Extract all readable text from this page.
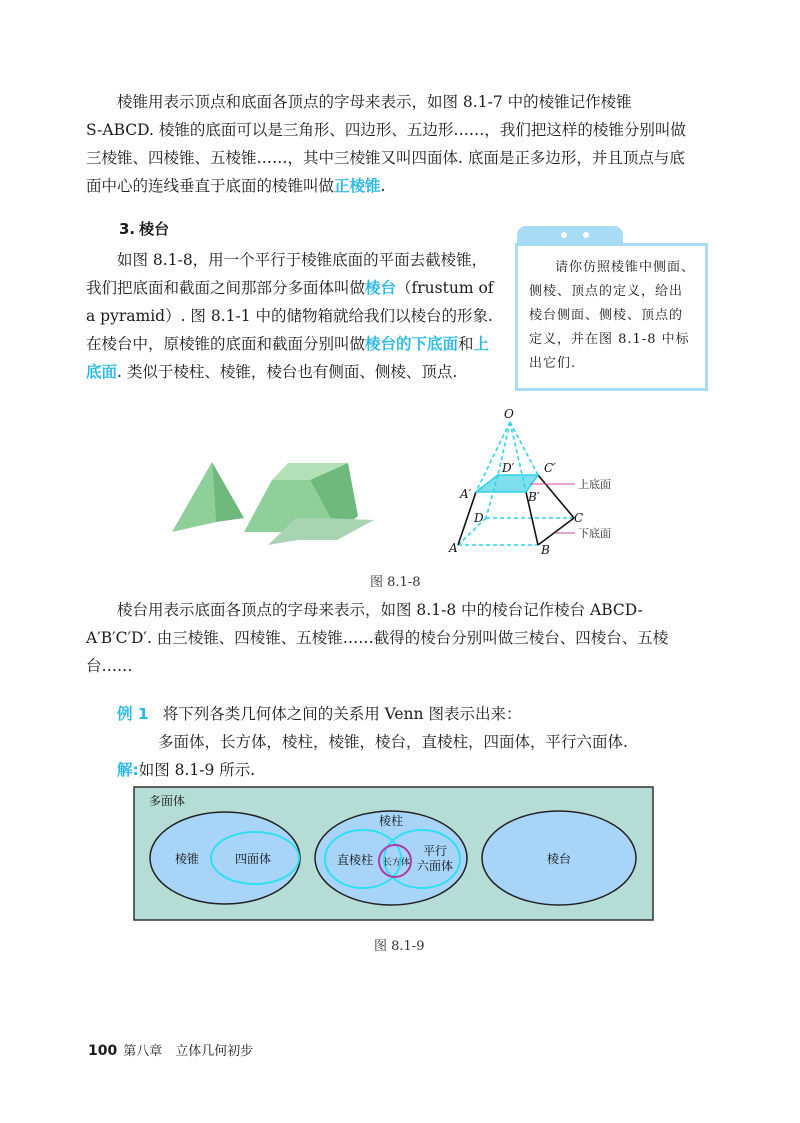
棱锥用表示顶点和底面各顶点的字母来表示，如图 8.1-7 中的棱锥记作棱锥

S-ABCD. 棱锥的底面可以是三角形、四边形、五边形……，我们把这样的棱锥分别叫做
三棱锥、四棱锥、五棱锥……，其中三棱锥又叫四面体. 底面是正多边形，并且顶点与底
面中心的连线垂直于底面的棱锥叫做正棱锥.
3. 棱台

如图 8.1-8，用一个平行于棱锥底面的平面去截棱锥，

我们把底面和截面之间那部分多面体叫做棱台（frustum of
a pyramid）. 图 8.1-1 中的储物箱就给我们以棱台的形象.
在棱台中，原棱锥的底面和截面分别叫做棱台的下底面和上
底面. 类似于棱柱、棱锥，棱台也有侧面、侧棱、顶点.

请你仿照棱锥中侧面、侧棱、顶点的定义，给出棱台侧面、侧棱、顶点的定义，并在图 8.1-8 中标出它们.

O
D′ C′
A′	B′
D	C
A	B
上底面
下底面
图 8.1-8

棱台用表示底面各顶点的字母来表示，如图 8.1-8 中的棱台记作棱台 ABCD-

A′B′C′D′. 由三棱锥、四棱锥、五棱锥……截得的棱台分别叫做三棱台、四棱台、五棱
台……
例 1 将下列各类几何体之间的关系用 Venn 图表示出来：
多面体，长方体，棱柱，棱锥，棱台，直棱柱，四面体，平行六面体.
解:如图 8.1-9 所示.
多面体
棱锥	四面体
棱柱
直棱柱 长方体
平行
六面体	棱台
图 8.1-9
100 第八章　立体几何初步
